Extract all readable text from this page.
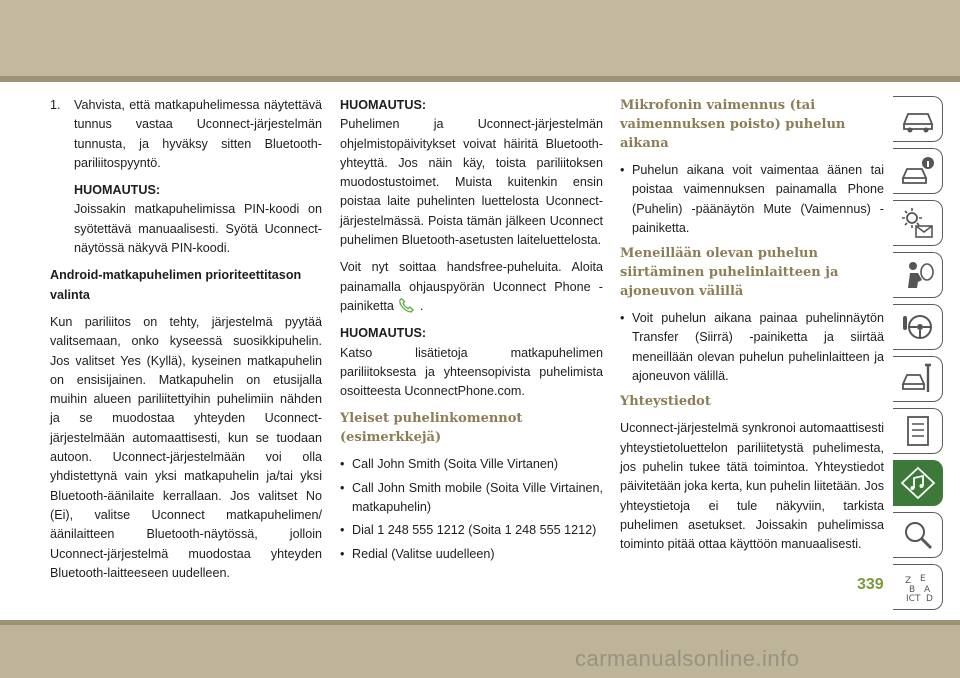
1.	Vahvista, että matkapuhelimessa näytettävä tunnus vastaa Uconnect-järjestelmän tunnusta, ja hyväksy sitten Bluetooth-pariliitospyyntö.
HUOMAUTUS:

Joissakin matkapuhelimissa PIN-koodi on syötettävä manuaalisesti. Syötä Uconnect-näytössä näkyvä PIN-koodi.

Android-matkapuhelimen prioriteettitason valinta

Kun pariliitos on tehty, järjestelmä pyytää valitsemaan, onko kyseessä suosikkipuhelin. Jos valitset Yes (Kyllä), kyseinen matkapuhelin on ensisijainen. Matkapuhelin on etusijalla muihin alueen pariliitettyihin puhelimiin nähden ja se muodostaa yhteyden Uconnect-järjestelmään automaattisesti, kun se tuodaan autoon. Uconnect-järjestelmään voi olla yhdistettynä vain yksi matkapuhelin ja/tai yksi Bluetooth-äänilaite kerrallaan. Jos valitset No (Ei), valitse Uconnect matkapuhelimen/äänilaitteen Bluetooth-näytössä, jolloin Uconnect-järjestelmä muodostaa yhteyden Bluetooth-laitteeseen uudelleen.

HUOMAUTUS:

Puhelimen ja Uconnect-järjestelmän ohjelmistopäivitykset voivat häiritä Bluetooth-yhteyttä. Jos näin käy, toista pariliitoksen muodostustoimet. Muista kuitenkin ensin poistaa laite puhelinten luettelosta Uconnect-järjestelmässä. Poista tämän jälkeen Uconnect puhelimen Bluetooth-asetusten laiteluettelosta.

Voit nyt soittaa handsfree-puheluita. Aloita painamalla ohjauspyörän Uconnect Phone -painiketta .

HUOMAUTUS:

Katso lisätietoja matkapuhelimen pariliitoksesta ja yhteensopivista puhelimista osoitteesta UconnectPhone.com.

Yleiset puhelinkomennot (esimerkkejä)
• Call John Smith (Soita Ville Virtanen)
• Call John Smith mobile (Soita Ville Virtainen, matkapuhelin)
• Dial 1 248 555 1212 (Soita 1 248 555 1212)
• Redial (Valitse uudelleen)
Mikrofonin vaimennus (tai vaimennuksen poisto) puhelun aikana
• Puhelun aikana voit vaimentaa äänen tai poistaa vaimennuksen painamalla Phone (Puhelin) -päänäytön Mute (Vaimennus) -painiketta.
Meneillään olevan puhelun siirtäminen puhelinlaitteen ja ajoneuvon välillä
• Voit puhelun aikana painaa puhelinnäytön Transfer (Siirrä) -painiketta ja siirtää meneillään olevan puhelun puhelinlaitteen ja ajoneuvon välillä.
Yhteystiedot

Uconnect-järjestelmä synkronoi automaattisesti yhteystietoluettelon pariliitetystä puhelimesta, jos puhelin tukee tätä toimintoa. Yhteystiedot päivitetään joka kerta, kun puhelin liitetään. Jos yhteystietoja ei tule näkyviin, tarkista puhelimen asetukset. Joissakin puhelimissa toiminto pitää ottaa käyttöön manuaalisesti.

Z E
B A
ICT D
339
carmanualsonline.info
